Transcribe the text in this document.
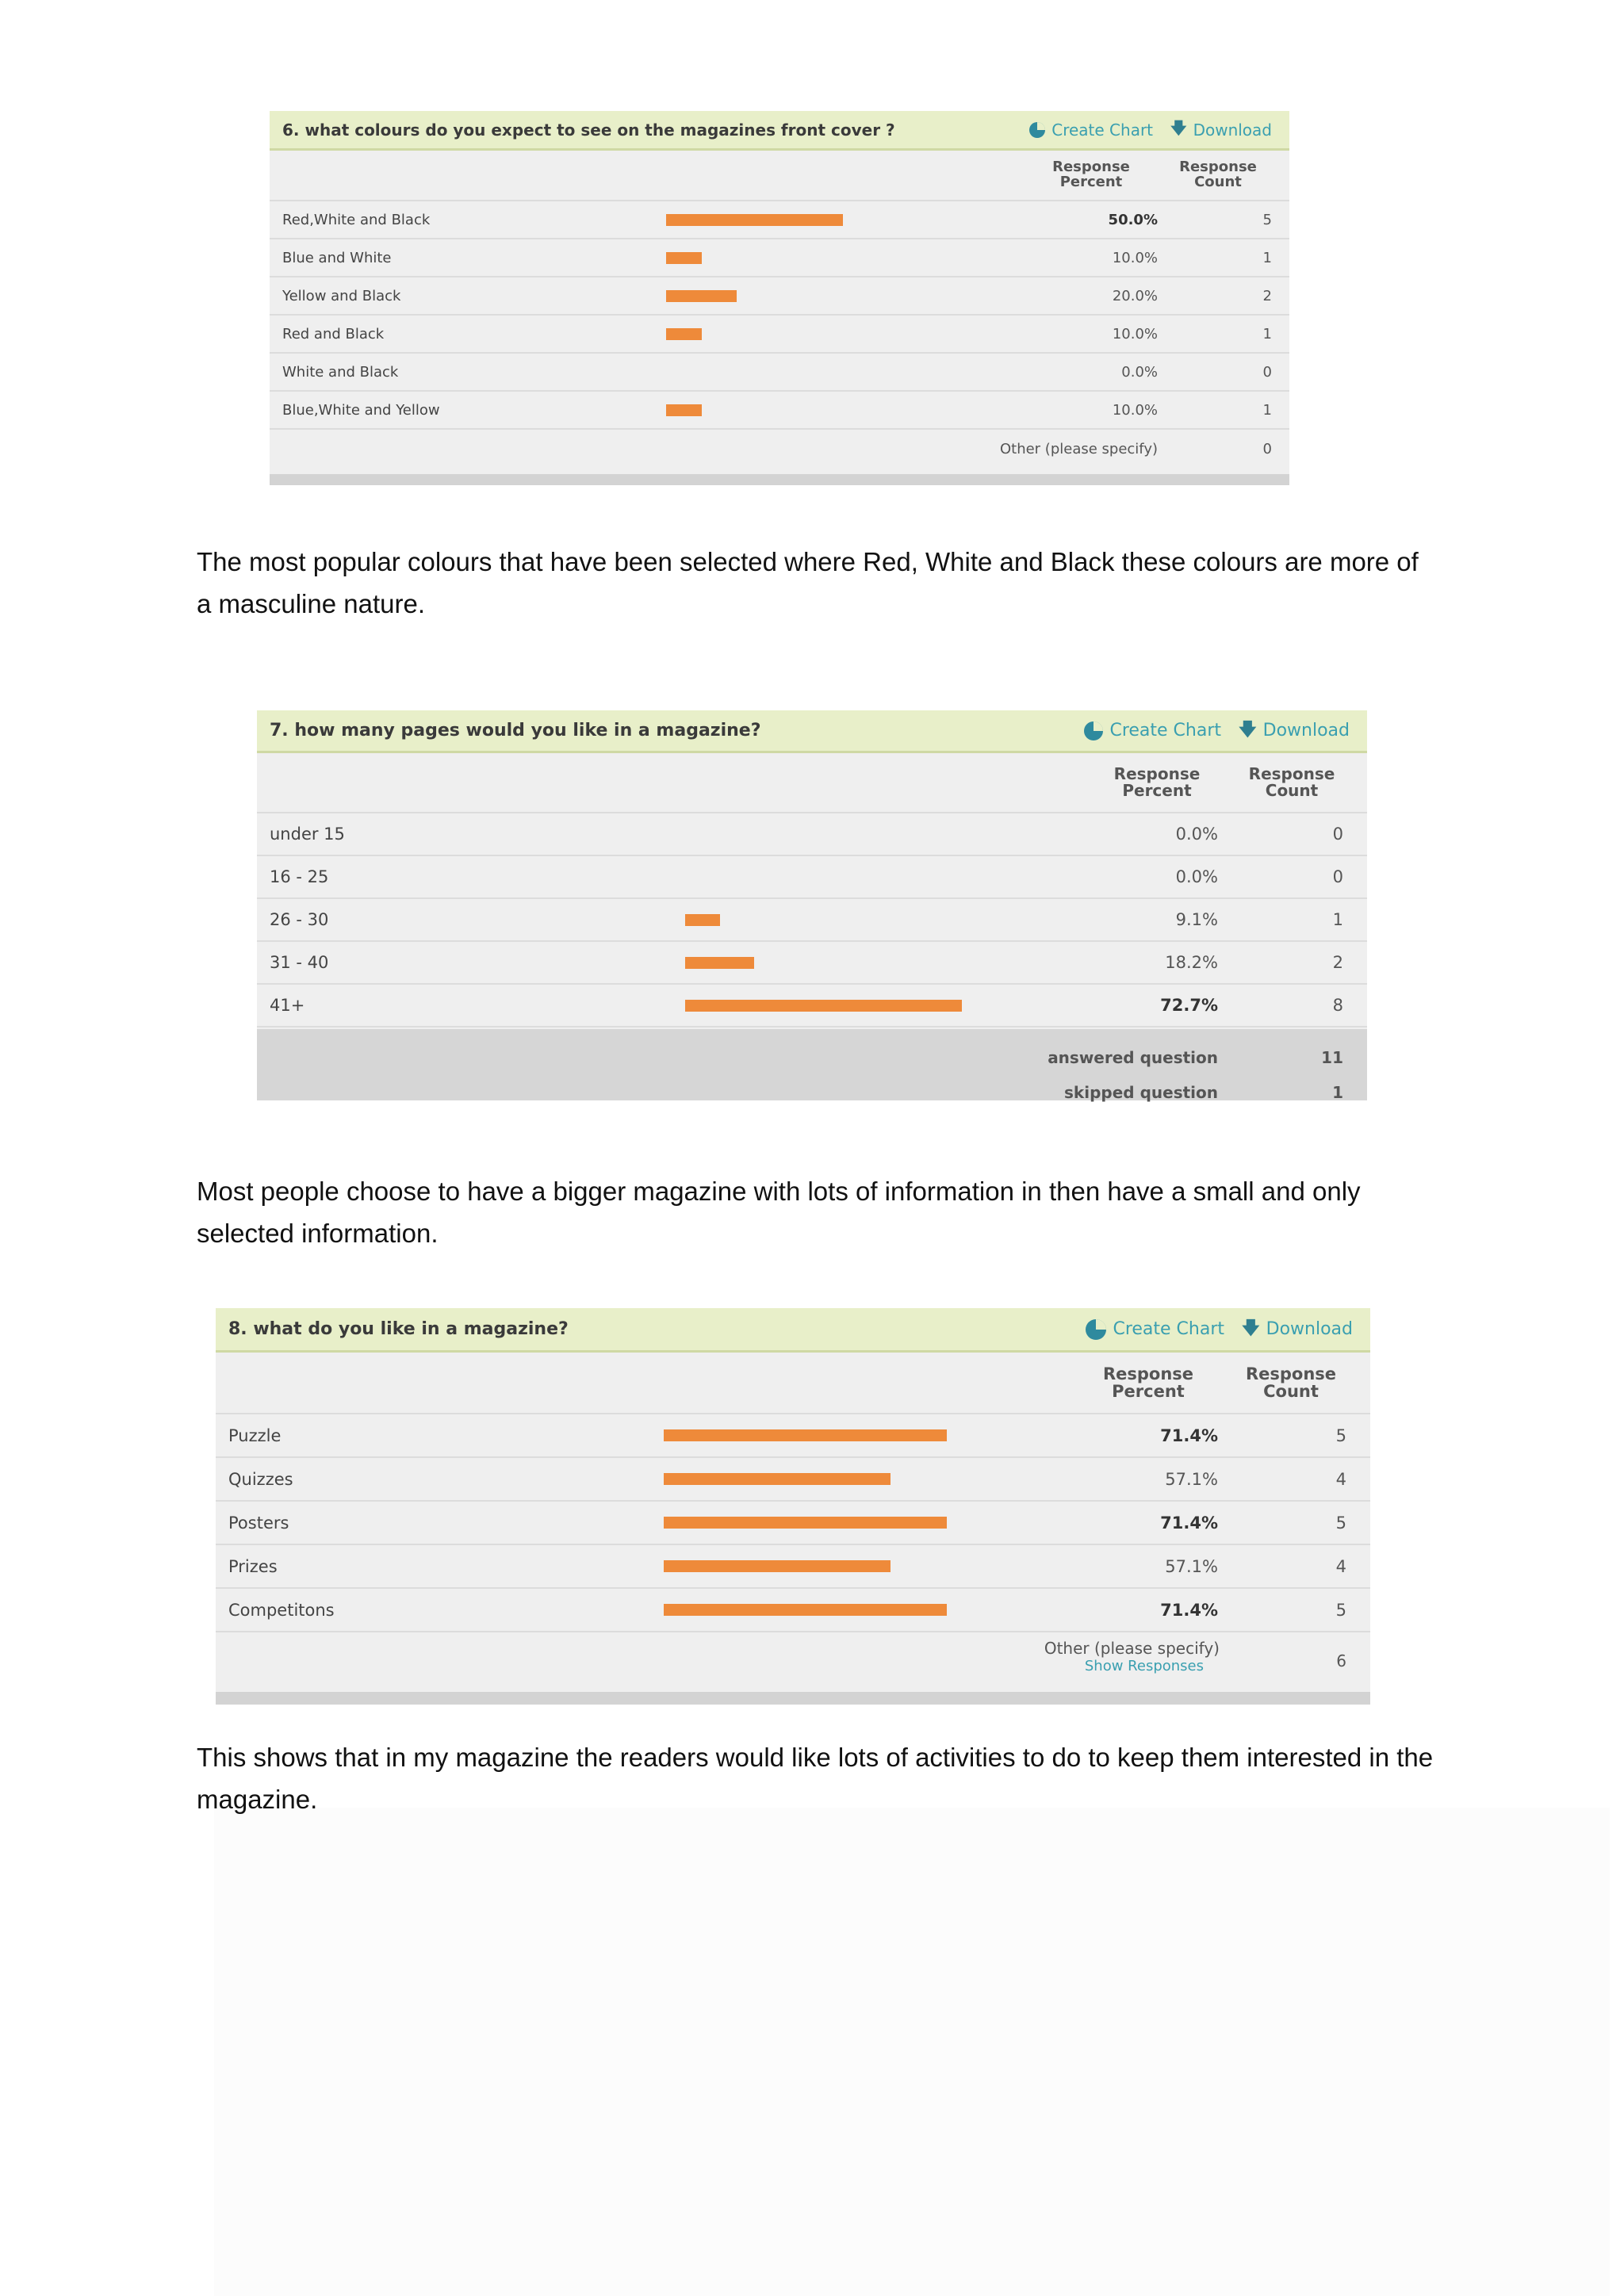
6. what colours do you expect to see on the magazines front cover ?	Create Chart 🡇 Download
Response
Percent
Response
Count
Red,White and Black	50.0%	5
Blue and White	10.0%	1
Yellow and Black	20.0%	2
Red and Black	10.0%	1
White and Black	0.0%	0
Blue,White and Yellow	10.0%	1
Other (please specify)	0
The most popular colours that have been selected where Red, White and Black these colours are more of a masculine nature.
7. how many pages would you like in a magazine?	Create Chart 🡇 Download
Response
Percent
Response
Count
under 15	0.0%	0
16 - 25	0.0%	0
26 - 30	9.1%	1
31 - 40	18.2%	2
41+	72.7%	8
answered question	11
skipped question	1
Most people choose to have a bigger magazine with lots of information in then have a small and only selected information.
8. what do you like in a magazine?	Create Chart 🡇 Download
Response
Percent
Response
Count
Puzzle	71.4%	5
Quizzes	57.1%	4
Posters	71.4%	5
Prizes	57.1%	4
Competitons	71.4%	5
Other (please specify)
Show Responses	6
This shows that in my magazine the readers would like lots of activities to do to keep them interested in the magazine.
